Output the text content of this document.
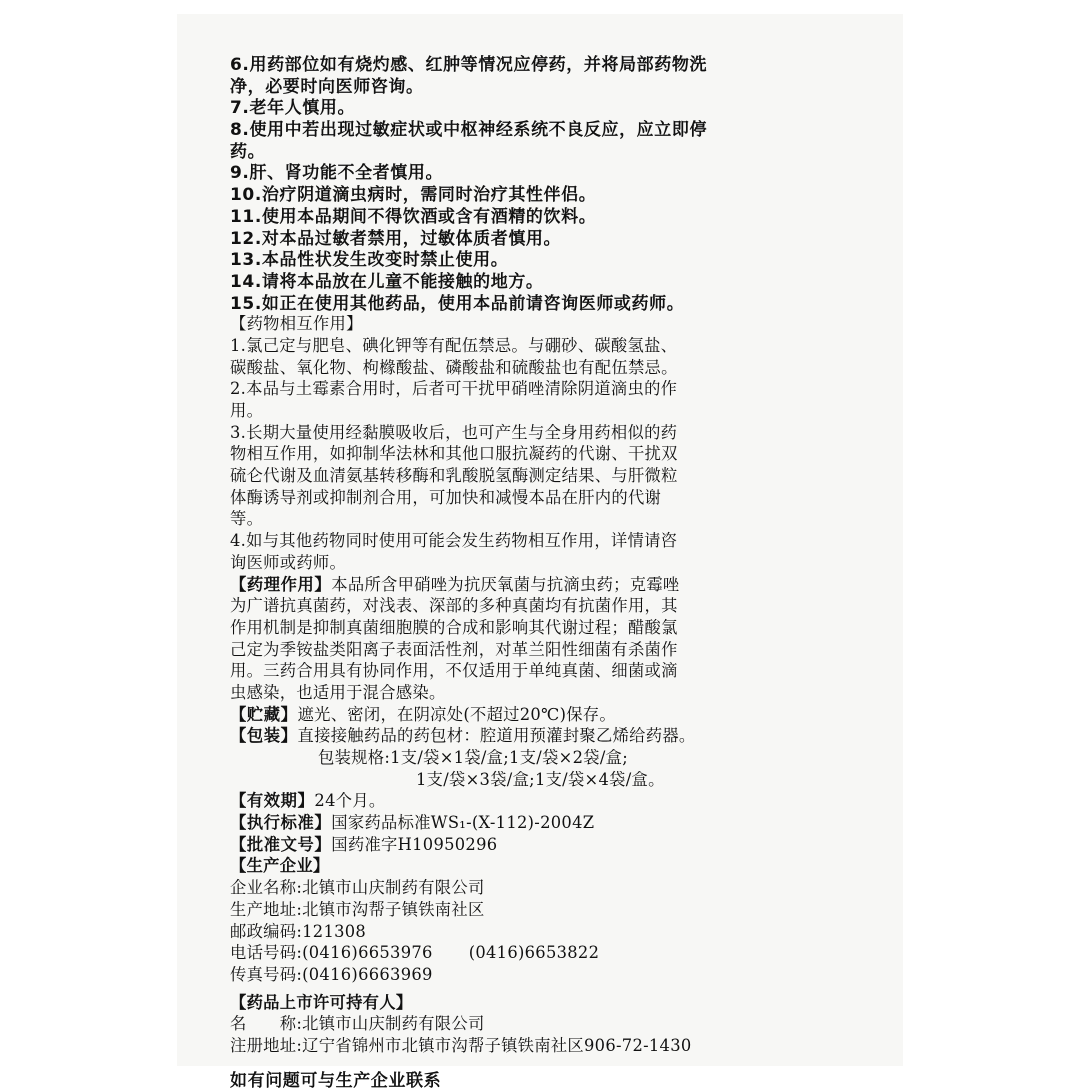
6.用药部位如有烧灼感、红肿等情况应停药，并将局部药物洗
净，必要时向医师咨询。
7.老年人慎用。
8.使用中若出现过敏症状或中枢神经系统不良反应，应立即停
药。
9.肝、肾功能不全者慎用。
10.治疗阴道滴虫病时，需同时治疗其性伴侣。
11.使用本品期间不得饮酒或含有酒精的饮料。
12.对本品过敏者禁用，过敏体质者慎用。
13.本品性状发生改变时禁止使用。
14.请将本品放在儿童不能接触的地方。
15.如正在使用其他药品，使用本品前请咨询医师或药师。
【药物相互作用】
1.氯己定与肥皂、碘化钾等有配伍禁忌。与硼砂、碳酸氢盐、
碳酸盐、氧化物、枸橼酸盐、磷酸盐和硫酸盐也有配伍禁忌。
2.本品与土霉素合用时，后者可干扰甲硝唑清除阴道滴虫的作
用。
3.长期大量使用经黏膜吸收后，也可产生与全身用药相似的药
物相互作用，如抑制华法林和其他口服抗凝药的代谢、干扰双
硫仑代谢及血清氨基转移酶和乳酸脱氢酶测定结果、与肝微粒
体酶诱导剂或抑制剂合用，可加快和减慢本品在肝内的代谢
等。
4.如与其他药物同时使用可能会发生药物相互作用，详情请咨
询医师或药师。
【药理作用】本品所含甲硝唑为抗厌氧菌与抗滴虫药；克霉唑
为广谱抗真菌药，对浅表、深部的多种真菌均有抗菌作用，其
作用机制是抑制真菌细胞膜的合成和影响其代谢过程；醋酸氯
己定为季铵盐类阳离子表面活性剂，对革兰阳性细菌有杀菌作
用。三药合用具有协同作用，不仅适用于单纯真菌、细菌或滴
虫感染，也适用于混合感染。
【贮藏】遮光、密闭，在阴凉处(不超过20℃)保存。
【包装】直接接触药品的药包材：腔道用预灌封聚乙烯给药器。
包装规格:1支/袋×1袋/盒;1支/袋×2袋/盒;
1支/袋×3袋/盒;1支/袋×4袋/盒。
【有效期】24个月。
【执行标准】国家药品标准WS₁-(X-112)-2004Z
【批准文号】国药准字H10950296
【生产企业】
企业名称:北镇市山庆制药有限公司
生产地址:北镇市沟帮子镇铁南社区
邮政编码:121308
电话号码:(0416)6653976 (0416)6653822
传真号码:(0416)6663969
【药品上市许可持有人】
名　　称:北镇市山庆制药有限公司
注册地址:辽宁省锦州市北镇市沟帮子镇铁南社区906-72-1430
如有问题可与生产企业联系
